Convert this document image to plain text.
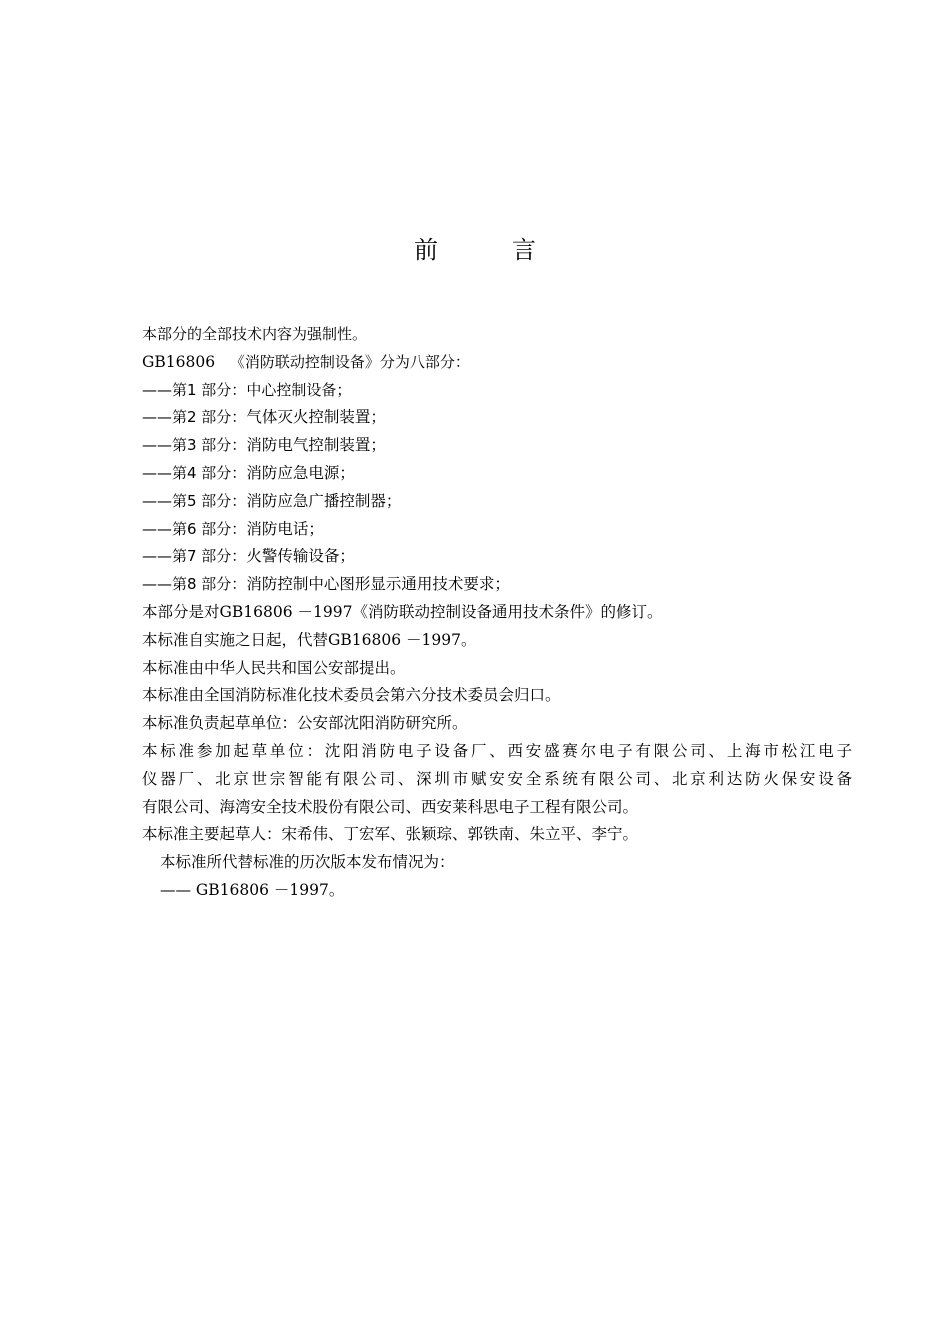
前	言
本部分的全部技术内容为强制性。
GB16806 《消防联动控制设备》分为八部分：
——第1 部分：中心控制设备；
——第2 部分：气体灭火控制装置；
——第3 部分：消防电气控制装置；
——第4 部分：消防应急电源；
——第5 部分：消防应急广播控制器；
——第6 部分：消防电话；
——第7 部分：火警传输设备；
——第8 部分：消防控制中心图形显示通用技术要求；
本部分是对GB16806 －1997《消防联动控制设备通用技术条件》的修订。
本标准自实施之日起，代替GB16806 －1997。
本标准由中华人民共和国公安部提出。
本标准由全国消防标准化技术委员会第六分技术委员会归口。
本标准负责起草单位：公安部沈阳消防研究所。
本标准参加起草单位：沈阳消防电子设备厂、西安盛赛尔电子有限公司、上海市松江电子
仪器厂、北京世宗智能有限公司、深圳市赋安安全系统有限公司、北京利达防火保安设备
有限公司、海湾安全技术股份有限公司、西安莱科思电子工程有限公司。
本标准主要起草人：宋希伟、丁宏军、张颖琮、郭铁南、朱立平、李宁。
本标准所代替标准的历次版本发布情况为：
—— GB16806 －1997。
